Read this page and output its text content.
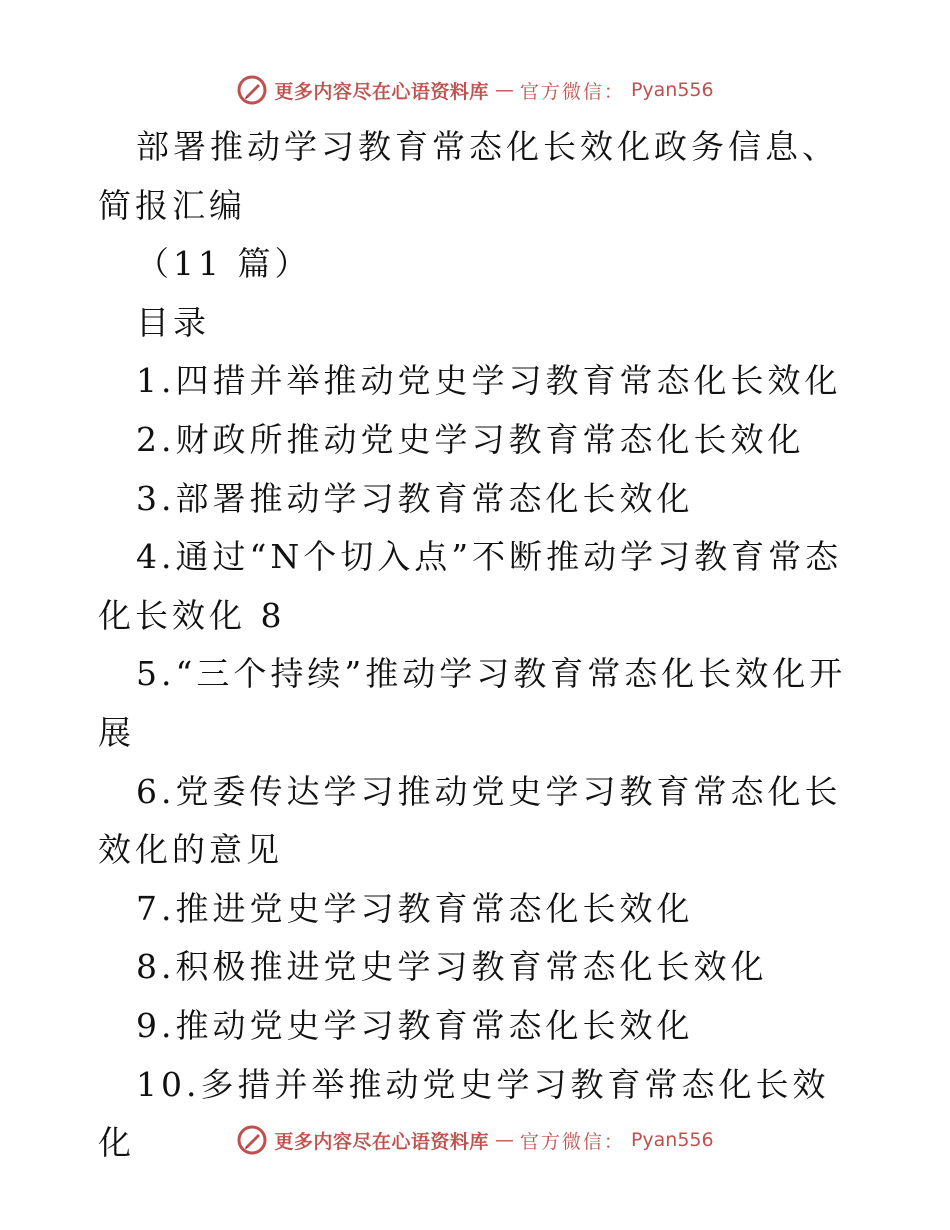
更多内容尽在心语资料库 — 官方微信： Pyan556

部署推动学习教育常态化长效化政务信息、简报汇编

（11 篇）

目录

1.四措并举推动党史学习教育常态化长效化

2.财政所推动党史学习教育常态化长效化

3.部署推动学习教育常态化长效化

4.通过“N个切入点”不断推动学习教育常态化长效化 8

5.“三个持续”推动学习教育常态化长效化开展

6.党委传达学习推动党史学习教育常态化长效化的意见

7.推进党史学习教育常态化长效化

8.积极推进党史学习教育常态化长效化

9.推动党史学习教育常态化长效化

10.多措并举推动党史学习教育常态化长效化	更多内容尽在心语资料库 — 官方微信： Pyan556
